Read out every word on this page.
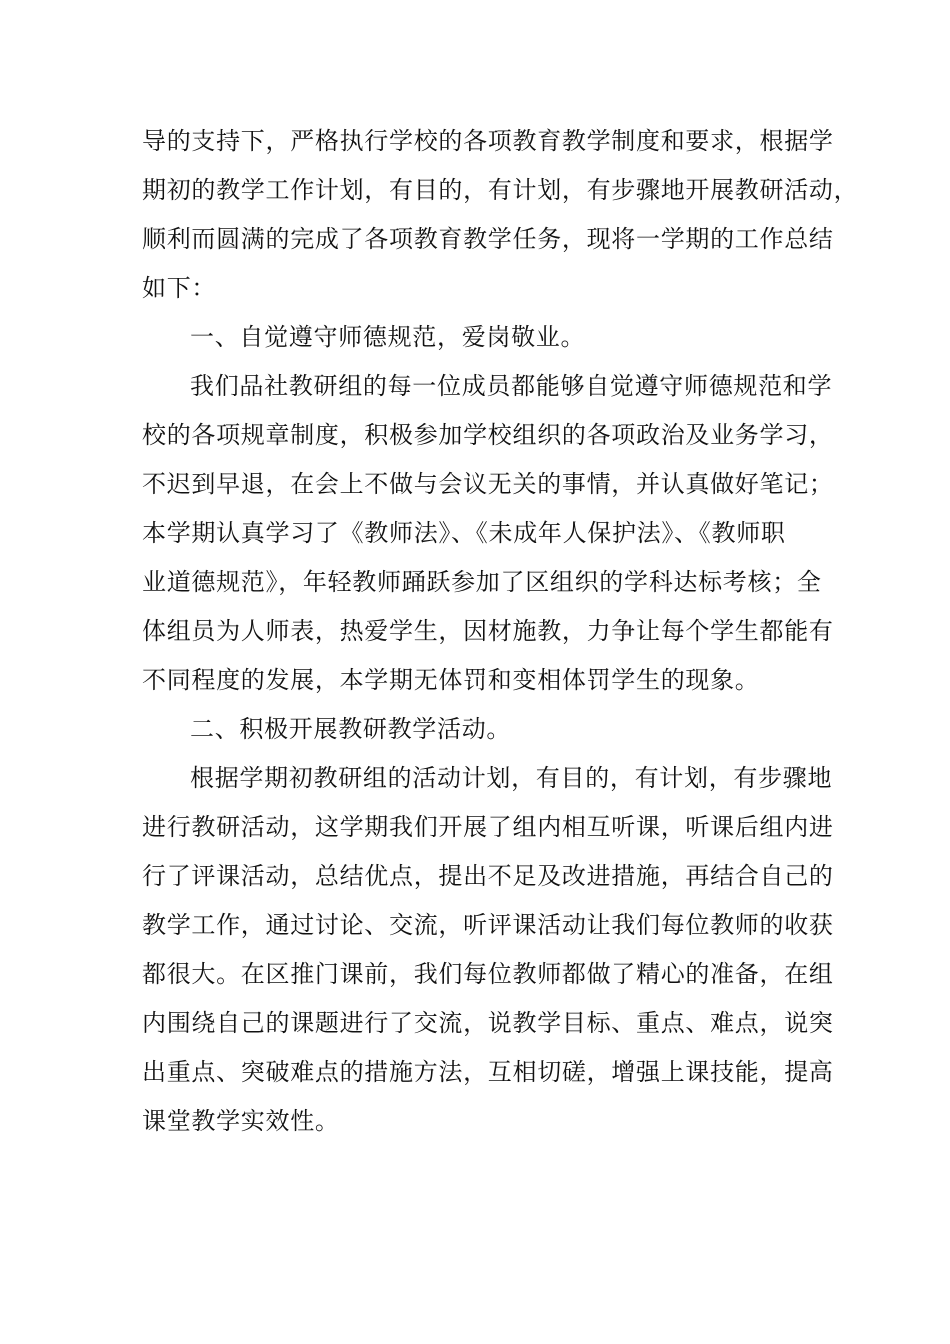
导的支持下，严格执行学校的各项教育教学制度和要求，根据学
期初的教学工作计划，有目的，有计划，有步骤地开展教研活动，
顺利而圆满的完成了各项教育教学任务，现将一学期的工作总结
如下：
一、自觉遵守师德规范，爱岗敬业。
我们品社教研组的每一位成员都能够自觉遵守师德规范和学
校的各项规章制度，积极参加学校组织的各项政治及业务学习，
不迟到早退，在会上不做与会议无关的事情，并认真做好笔记；
本学期认真学习了《教师法》、《未成年人保护法》、《教师职
业道德规范》，年轻教师踊跃参加了区组织的学科达标考核；全
体组员为人师表，热爱学生，因材施教，力争让每个学生都能有
不同程度的发展，本学期无体罚和变相体罚学生的现象。
二、积极开展教研教学活动。
根据学期初教研组的活动计划，有目的，有计划，有步骤地
进行教研活动，这学期我们开展了组内相互听课，听课后组内进
行了评课活动，总结优点，提出不足及改进措施，再结合自己的
教学工作，通过讨论、交流，听评课活动让我们每位教师的收获
都很大。在区推门课前，我们每位教师都做了精心的准备，在组
内围绕自己的课题进行了交流，说教学目标、重点、难点，说突
出重点、突破难点的措施方法，互相切磋，增强上课技能，提高
课堂教学实效性。
